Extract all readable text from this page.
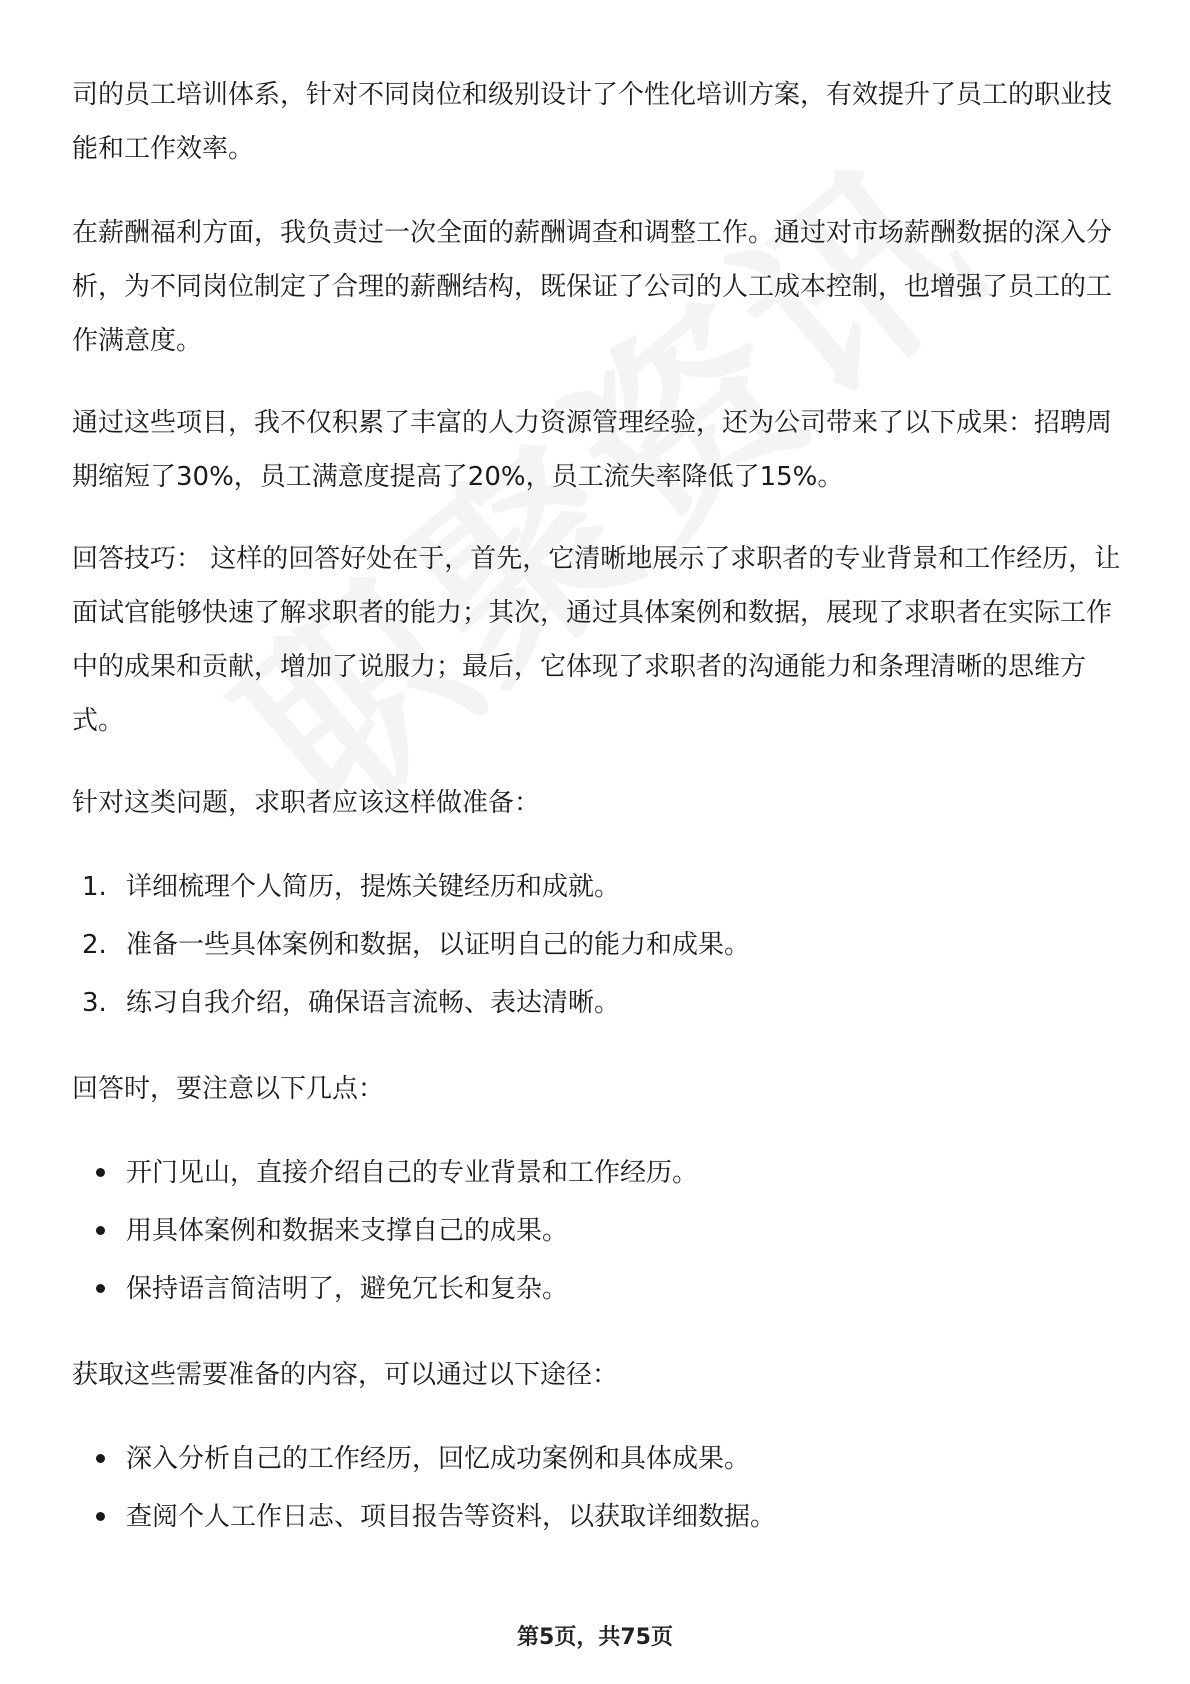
司的员工培训体系，针对不同岗位和级别设计了个性化培训方案，有效提升了员工的职业技能和工作效率。

在薪酬福利方面，我负责过一次全面的薪酬调查和调整工作。通过对市场薪酬数据的深入分析，为不同岗位制定了合理的薪酬结构，既保证了公司的人工成本控制，也增强了员工的工作满意度。

通过这些项目，我不仅积累了丰富的人力资源管理经验，还为公司带来了以下成果：招聘周期缩短了30%，员工满意度提高了20%，员工流失率降低了15%。

回答技巧： 这样的回答好处在于，首先，它清晰地展示了求职者的专业背景和工作经历，让面试官能够快速了解求职者的能力；其次，通过具体案例和数据，展现了求职者在实际工作中的成果和贡献，增加了说服力；最后，它体现了求职者的沟通能力和条理清晰的思维方式。

针对这类问题，求职者应该这样做准备：

1. 详细梳理个人简历，提炼关键经历和成就。
2. 准备一些具体案例和数据，以证明自己的能力和成果。
3. 练习自我介绍，确保语言流畅、表达清晰。

回答时，要注意以下几点：

开门见山，直接介绍自己的专业背景和工作经历。
用具体案例和数据来支撑自己的成果。
保持语言简洁明了，避免冗长和复杂。

获取这些需要准备的内容，可以通过以下途径：

深入分析自己的工作经历，回忆成功案例和具体成果。
查阅个人工作日志、项目报告等资料，以获取详细数据。
第5页，共75页
